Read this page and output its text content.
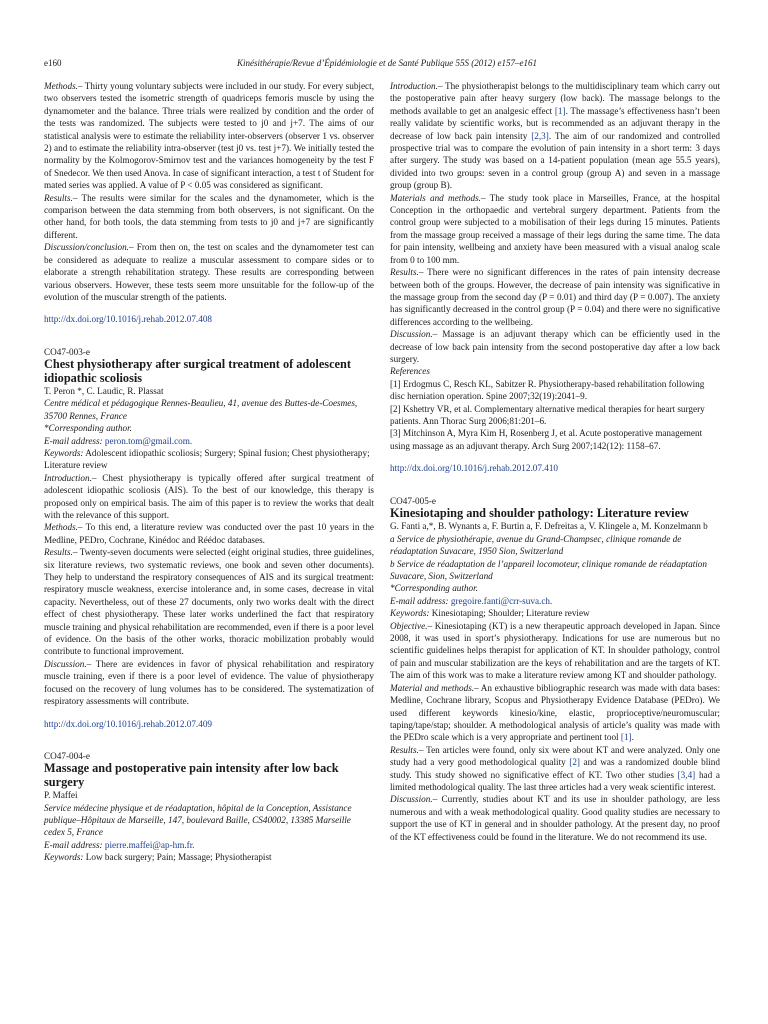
e160	Kinésithérapie/Revue d’Épidémiologie et de Santé Publique 55S (2012) e157–e161

Methods.– Thirty young voluntary subjects were included in our study. For every subject, two observers tested the isometric strength of quadriceps femoris muscle by using the dynamometer and the balance. Three trials were realized by condition and the order of the tests was randomized. The subjects were tested to j0 and j+7. The aims of our statistical analysis were to estimate the reliability inter-observers (observer 1 vs. observer 2) and to estimate the reliability intra-observer (test j0 vs. test j+7). We initially tested the normality by the Kolmogorov-Smirnov test and the variances homogeneity by the test F of Snedecor. We then used Anova. In case of significant interaction, a test t of Student for mated series was applied. A value of P < 0.05 was considered as significant.

Results.– The results were similar for the scales and the dynamometer, which is the comparison between the data stemming from both observers, is not significant. On the other hand, for both tools, the data stemming from tests to j0 and j+7 are significantly different.

Discussion/conclusion.– From then on, the test on scales and the dynamometer test can be considered as adequate to realize a muscular assessment to compare sides or to elaborate a strength rehabilitation strategy. These results are corresponding between various observers. However, these tests seem more unsuitable for the follow-up of the evolution of the muscular strength of the patients.

http://dx.doi.org/10.1016/j.rehab.2012.07.408

CO47-003-e

Chest physiotherapy after surgical treatment of adolescent idiopathic scoliosis

T. Peron *, C. Laudic, R. Plassat

Centre médical et pédagogique Rennes-Beaulieu, 41, avenue des Buttes-de-Coesmes, 35700 Rennes, France

*Corresponding author.

E-mail address: peron.tom@gmail.com.

Keywords: Adolescent idiopathic scoliosis; Surgery; Spinal fusion; Chest physiotherapy; Literature review

Introduction.– Chest physiotherapy is typically offered after surgical treatment of adolescent idiopathic scoliosis (AIS). To the best of our knowledge, this therapy is proposed only on empirical basis. The aim of this paper is to review the works that dealt with the relevance of this support.

Methods.– To this end, a literature review was conducted over the past 10 years in the Medline, PEDro, Cochrane, Kinédoc and Réédoc databases.

Results.– Twenty-seven documents were selected (eight original studies, three guidelines, six literature reviews, two systematic reviews, one book and seven other documents). They help to understand the respiratory consequences of AIS and its surgical treatment: respiratory muscle weakness, exercise intolerance and, in some cases, decrease in vital capacity. Nevertheless, out of these 27 documents, only two works dealt with the direct effect of chest physiotherapy. These later works underlined the fact that respiratory muscle training and physical rehabilitation are recommended, even if there is a poor level of evidence. On the basis of the other works, thoracic mobilization probably would contribute to functional improvement.

Discussion.– There are evidences in favor of physical rehabilitation and respiratory muscle training, even if there is a poor level of evidence. The value of physiotherapy focused on the recovery of lung volumes has to be considered. The systematization of respiratory assessments will contribute.

http://dx.doi.org/10.1016/j.rehab.2012.07.409

CO47-004-e

Massage and postoperative pain intensity after low back surgery

P. Maffei

Service médecine physique et de réadaptation, hôpital de la Conception, Assistance publique–Hôpitaux de Marseille, 147, boulevard Baille, CS40002, 13385 Marseille cedex 5, France

E-mail address: pierre.maffei@ap-hm.fr.

Keywords: Low back surgery; Pain; Massage; Physiotherapist

Introduction.– The physiotherapist belongs to the multidisciplinary team which carry out the postoperative pain after heavy surgery (low back). The massage belongs to the methods available to get an analgesic effect [1]. The massage’s effectiveness hasn’t been really validate by scientific works, but is recommended as an adjuvant therapy in the decrease of low back pain intensity [2,3]. The aim of our randomized and controlled prospective trial was to compare the evolution of pain intensity in a short term: 3 days after surgery. The study was based on a 14-patient population (mean age 55.5 years), divided into two groups: seven in a control group (group A) and seven in a massage group (group B).

Materials and methods.– The study took place in Marseilles, France, at the hospital Conception in the orthopaedic and vertebral surgery department. Patients from the control group were subjected to a mobilisation of their legs during 15 minutes. Patients from the massage group received a massage of their legs during the same time. The data for pain intensity, wellbeing and anxiety have been measured with a visual analog scale from 0 to 100 mm.

Results.– There were no significant differences in the rates of pain intensity decrease between both of the groups. However, the decrease of pain intensity was significative in the massage group from the second day (P = 0.01) and third day (P = 0.007). The anxiety has significantly decreased in the control group (P = 0.04) and there were no significative differences according to the wellbeing.

Discussion.– Massage is an adjuvant therapy which can be efficiently used in the decrease of low back pain intensity from the second postoperative day after a low back surgery.

References

[1] Erdogmus C, Resch KL, Sabitzer R. Physiotherapy-based rehabilitation following disc herniation operation. Spine 2007;32(19):2041–9.

[2] Kshettry VR, et al. Complementary alternative medical therapies for heart surgery patients. Ann Thorac Surg 2006;81:201–6.

[3] Mitchinson A, Myra Kim H, Rosenberg J, et al. Acute postoperative management using massage as an adjuvant therapy. Arch Surg 2007;142(12): 1158–67.

http://dx.doi.org/10.1016/j.rehab.2012.07.410

CO47-005-e

Kinesiotaping and shoulder pathology: Literature review

G. Fanti a,*, B. Wynants a, F. Burtin a, F. Defreitas a, V. Klingele a, M. Konzelmann b

a Service de physiothérapie, avenue du Grand-Champsec, clinique romande de réadaptation Suvacare, 1950 Sion, Switzerland

b Service de réadaptation de l’appareil locomoteur, clinique romande de réadaptation Suvacare, Sion, Switzerland

*Corresponding author.

E-mail address: gregoire.fanti@crr-suva.ch.

Keywords: Kinesiotaping; Shoulder; Literature review

Objective.– Kinesiotaping (KT) is a new therapeutic approach developed in Japan. Since 2008, it was used in sport’s physiotherapy. Indications for use are numerous but no scientific guidelines helps therapist for application of KT. In shoulder pathology, control of pain and muscular stabilization are the keys of rehabilitation and are the targets of KT. The aim of this work was to make a literature review among KT and shoulder pathology.

Material and methods.– An exhaustive bibliographic research was made with data bases: Medline, Cochrane library, Scopus and Physiotherapy Evidence Database (PEDro). We used different keywords kinesio/kine, elastic, proprioceptive/neuromuscular; taping/tape/stap; shoulder. A methodological analysis of article’s quality was made with the PEDro scale which is a very appropriate and pertinent tool [1].

Results.– Ten articles were found, only six were about KT and were analyzed. Only one study had a very good methodological quality [2] and was a randomized double blind study. This study showed no significative effect of KT. Two other studies [3,4] had a limited methodological quality. The last three articles had a very weak scientific interest.

Discussion.– Currently, studies about KT and its use in shoulder pathology, are less numerous and with a weak methodological quality. Good quality studies are necessary to support the use of KT in general and in shoulder pathology. At the present day, no proof of the KT effectiveness could be found in the literature. We do not recommend its use.
